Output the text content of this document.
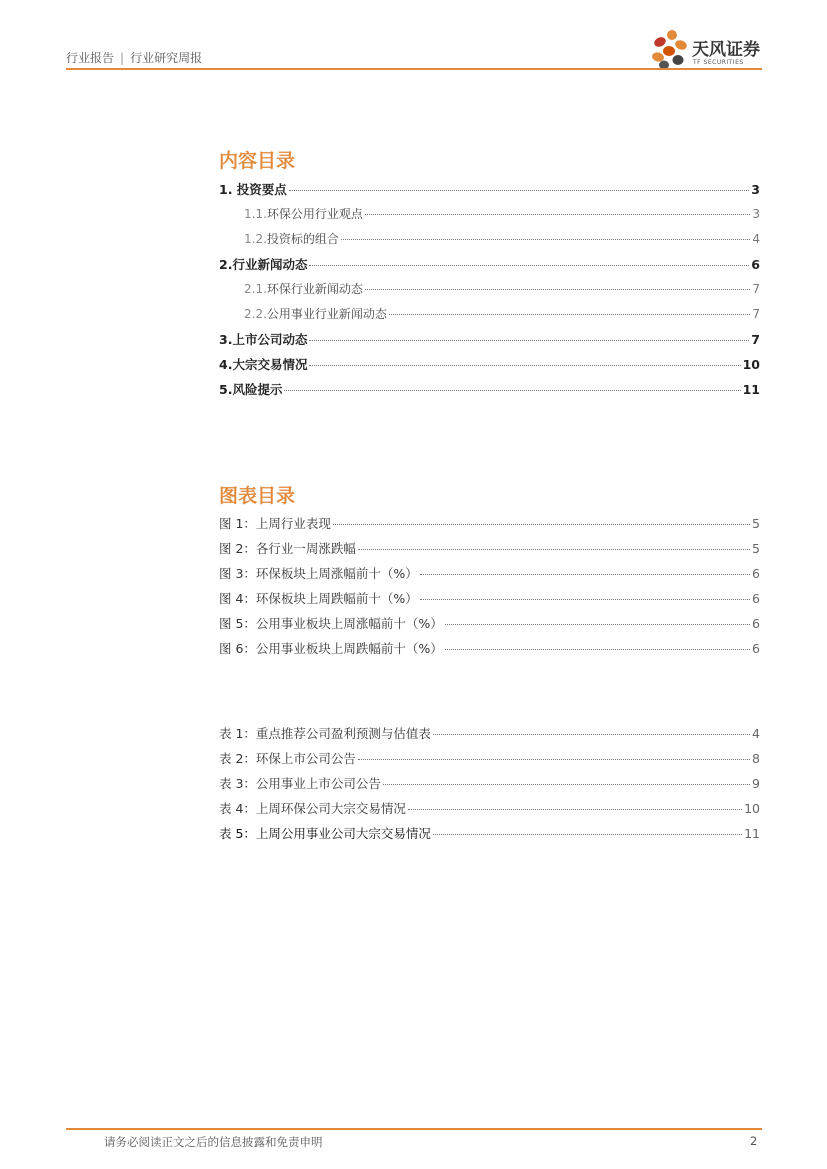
行业报告 | 行业研究周报	天风证券
TF SECURITIES
内容目录
1. 投资要点	3
1.1.环保公用行业观点	3
1.2.投资标的组合	4
2.行业新闻动态	6
2.1.环保行业新闻动态	7
2.2.公用事业行业新闻动态	7
3.上市公司动态	7
4.大宗交易情况	10
5.风险提示	11
图表目录
图 1：上周行业表现	5
图 2：各行业一周涨跌幅	5
图 3：环保板块上周涨幅前十（%）	6
图 4：环保板块上周跌幅前十（%）	6
图 5：公用事业板块上周涨幅前十（%）	6
图 6：公用事业板块上周跌幅前十（%）	6
表 1：重点推荐公司盈利预测与估值表	4
表 2：环保上市公司公告	8
表 3：公用事业上市公司公告	9
表 4：上周环保公司大宗交易情况	10
表 5：上周公用事业公司大宗交易情况	11
请务必阅读正文之后的信息披露和免责申明	2
